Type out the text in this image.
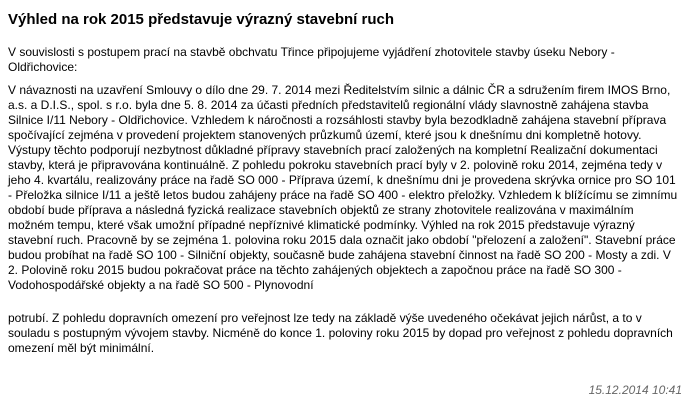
Výhled na rok 2015 představuje výrazný stavební ruch

V souvislosti s postupem prací na stavbě obchvatu Třince připojujeme vyjádření zhotovitele stavby úseku Nebory - Oldřichovice:

V návaznosti na uzavření Smlouvy o dílo dne 29. 7. 2014 mezi Ředitelstvím silnic a dálnic ČR a sdružením firem IMOS Brno, a.s. a D.I.S., spol. s r.o. byla dne 5. 8. 2014 za účasti předních představitelů regionální vlády slavnostně zahájena stavba Silnice I/11 Nebory - Oldřichovice. Vzhledem k náročnosti a rozsáhlosti stavby byla bezodkladně zahájena stavební příprava spočívající zejména v provedení projektem stanovených průzkumů území, které jsou k dnešnímu dni kompletně hotovy. Výstupy těchto podporují nezbytnost důkladné přípravy stavebních prací založených na kompletní Realizační dokumentaci stavby, která je připravována kontinuálně. Z pohledu pokroku stavebních prací byly v 2. polovině roku 2014, zejména tedy v jeho 4. kvartálu, realizovány práce na řadě SO 000 - Příprava území, k dnešnímu dni je provedena skrývka ornice pro SO 101 - Přeložka silnice I/11 a ještě letos budou zahájeny práce na řadě SO 400 - elektro přeložky. Vzhledem k blížícímu se zimnímu období bude příprava a následná fyzická realizace stavebních objektů ze strany zhotovitele realizována v maximálním možném tempu, které však umožní případné nepříznivé klimatické podmínky. Výhled na rok 2015 představuje výrazný stavební ruch. Pracovně by se zejména 1. polovina roku 2015 dala označit jako období "přelození a založení". Stavební práce budou probíhat na řadě SO 100 - Silniční objekty, současně bude zahájena stavební činnost na řadě SO 200 - Mosty a zdi. V 2. Polovině roku 2015 budou pokračovat práce na těchto zahájených objektech a započnou práce na řadě SO 300 - Vodohospodářské objekty a na řadě SO 500 - Plynovodní

potrubí. Z pohledu dopravních omezení pro veřejnost lze tedy na základě výše uvedeného očekávat jejich nárůst, a to v souladu s postupným vývojem stavby. Nicméně do konce 1. poloviny roku 2015 by dopad pro veřejnost z pohledu dopravních omezení měl být minimální.

15.12.2014 10:41
